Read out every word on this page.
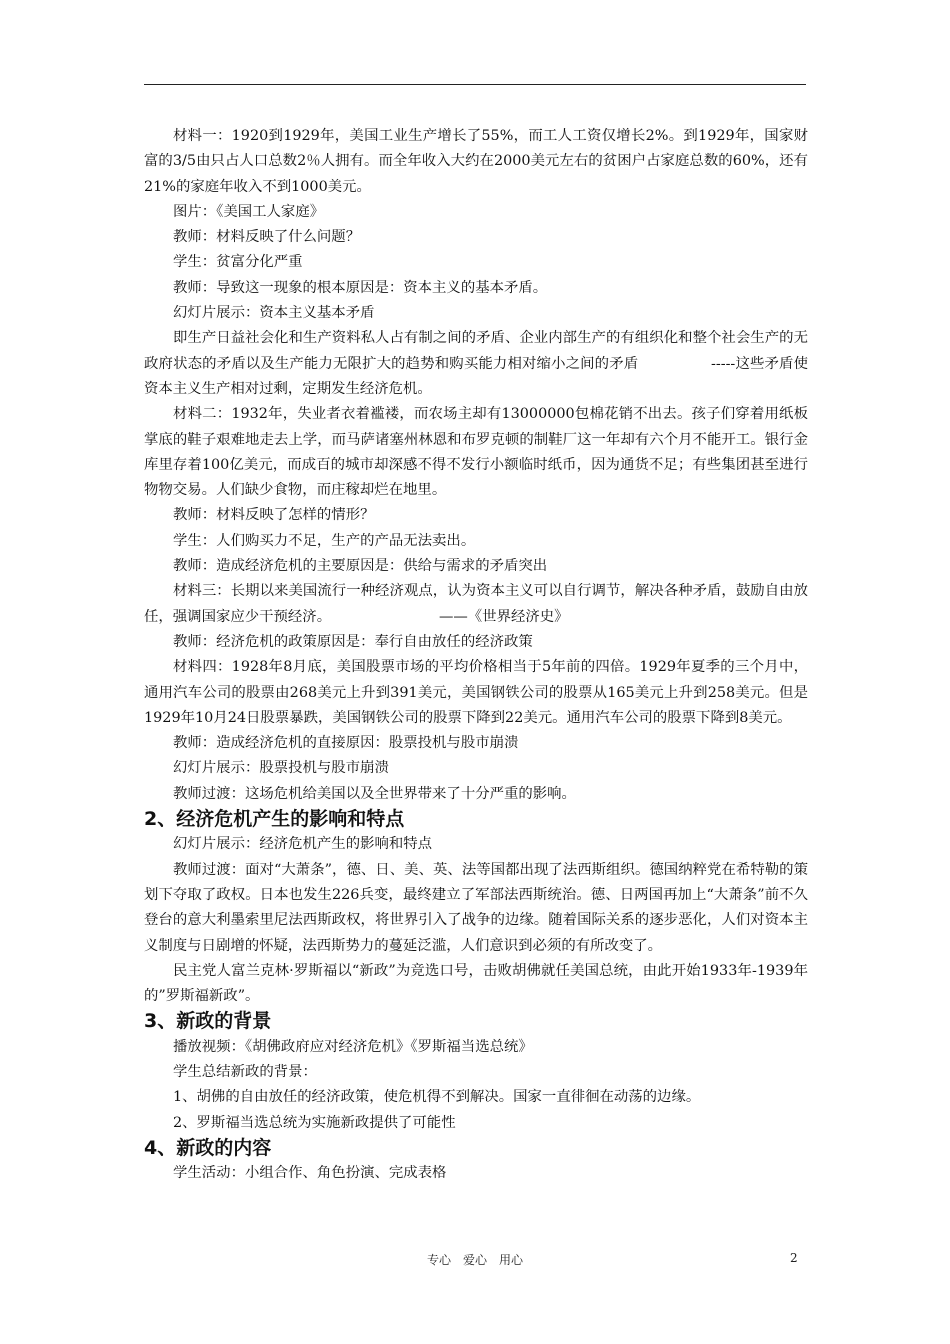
材料一：1920到1929年，美国工业生产增长了55%，而工人工资仅增长2%。到1929年，国家财富的3/5由只占人口总数2％人拥有。而全年收入大约在2000美元左右的贫困户占家庭总数的60%，还有21%的家庭年收入不到1000美元。

图片：《美国工人家庭》

教师：材料反映了什么问题？

学生：贫富分化严重

教师：导致这一现象的根本原因是：资本主义的基本矛盾。

幻灯片展示：资本主义基本矛盾

即生产日益社会化和生产资料私人占有制之间的矛盾、企业内部生产的有组织化和整个社会生产的无政府状态的矛盾以及生产能力无限扩大的趋势和购买能力相对缩小之间的矛盾　　　　　-----这些矛盾使资本主义生产相对过剩，定期发生经济危机。

材料二：1932年，失业者衣着褴褛，而农场主却有13000000包棉花销不出去。孩子们穿着用纸板掌底的鞋子艰难地走去上学，而马萨诸塞州林恩和布罗克顿的制鞋厂这一年却有六个月不能开工。银行金库里存着100亿美元，而成百的城市却深感不得不发行小额临时纸币，因为通货不足；有些集团甚至进行物物交易。人们缺少食物，而庄稼却烂在地里。

教师：材料反映了怎样的情形？

学生：人们购买力不足，生产的产品无法卖出。

教师：造成经济危机的主要原因是：供给与需求的矛盾突出

材料三：长期以来美国流行一种经济观点，认为资本主义可以自行调节，解决各种矛盾，鼓励自由放任，强调国家应少干预经济。　　　　　　　　——《世界经济史》

教师：经济危机的政策原因是：奉行自由放任的经济政策

材料四：1928年8月底，美国股票市场的平均价格相当于5年前的四倍。1929年夏季的三个月中，通用汽车公司的股票由268美元上升到391美元，美国钢铁公司的股票从165美元上升到258美元。但是1929年10月24日股票暴跌，美国钢铁公司的股票下降到22美元。通用汽车公司的股票下降到8美元。

教师：造成经济危机的直接原因：股票投机与股市崩溃

幻灯片展示：股票投机与股市崩溃

教师过渡：这场危机给美国以及全世界带来了十分严重的影响。

2、经济危机产生的影响和特点

幻灯片展示：经济危机产生的影响和特点

教师过渡：面对“大萧条”，德、日、美、英、法等国都出现了法西斯组织。德国纳粹党在希特勒的策划下夺取了政权。日本也发生226兵变，最终建立了军部法西斯统治。德、日两国再加上“大萧条”前不久登台的意大利墨索里尼法西斯政权，将世界引入了战争的边缘。随着国际关系的逐步恶化，人们对资本主义制度与日剧增的怀疑，法西斯势力的蔓延泛滥，人们意识到必须的有所改变了。

民主党人富兰克林·罗斯福以“新政”为竞选口号，击败胡佛就任美国总统，由此开始1933年-1939年的”罗斯福新政”。

3、新政的背景

播放视频：《胡佛政府应对经济危机》《罗斯福当选总统》

学生总结新政的背景：

1、胡佛的自由放任的经济政策，使危机得不到解决。国家一直徘徊在动荡的边缘。

2、罗斯福当选总统为实施新政提供了可能性

4、新政的内容

学生活动：小组合作、角色扮演、完成表格

专心　爱心　用心	2
